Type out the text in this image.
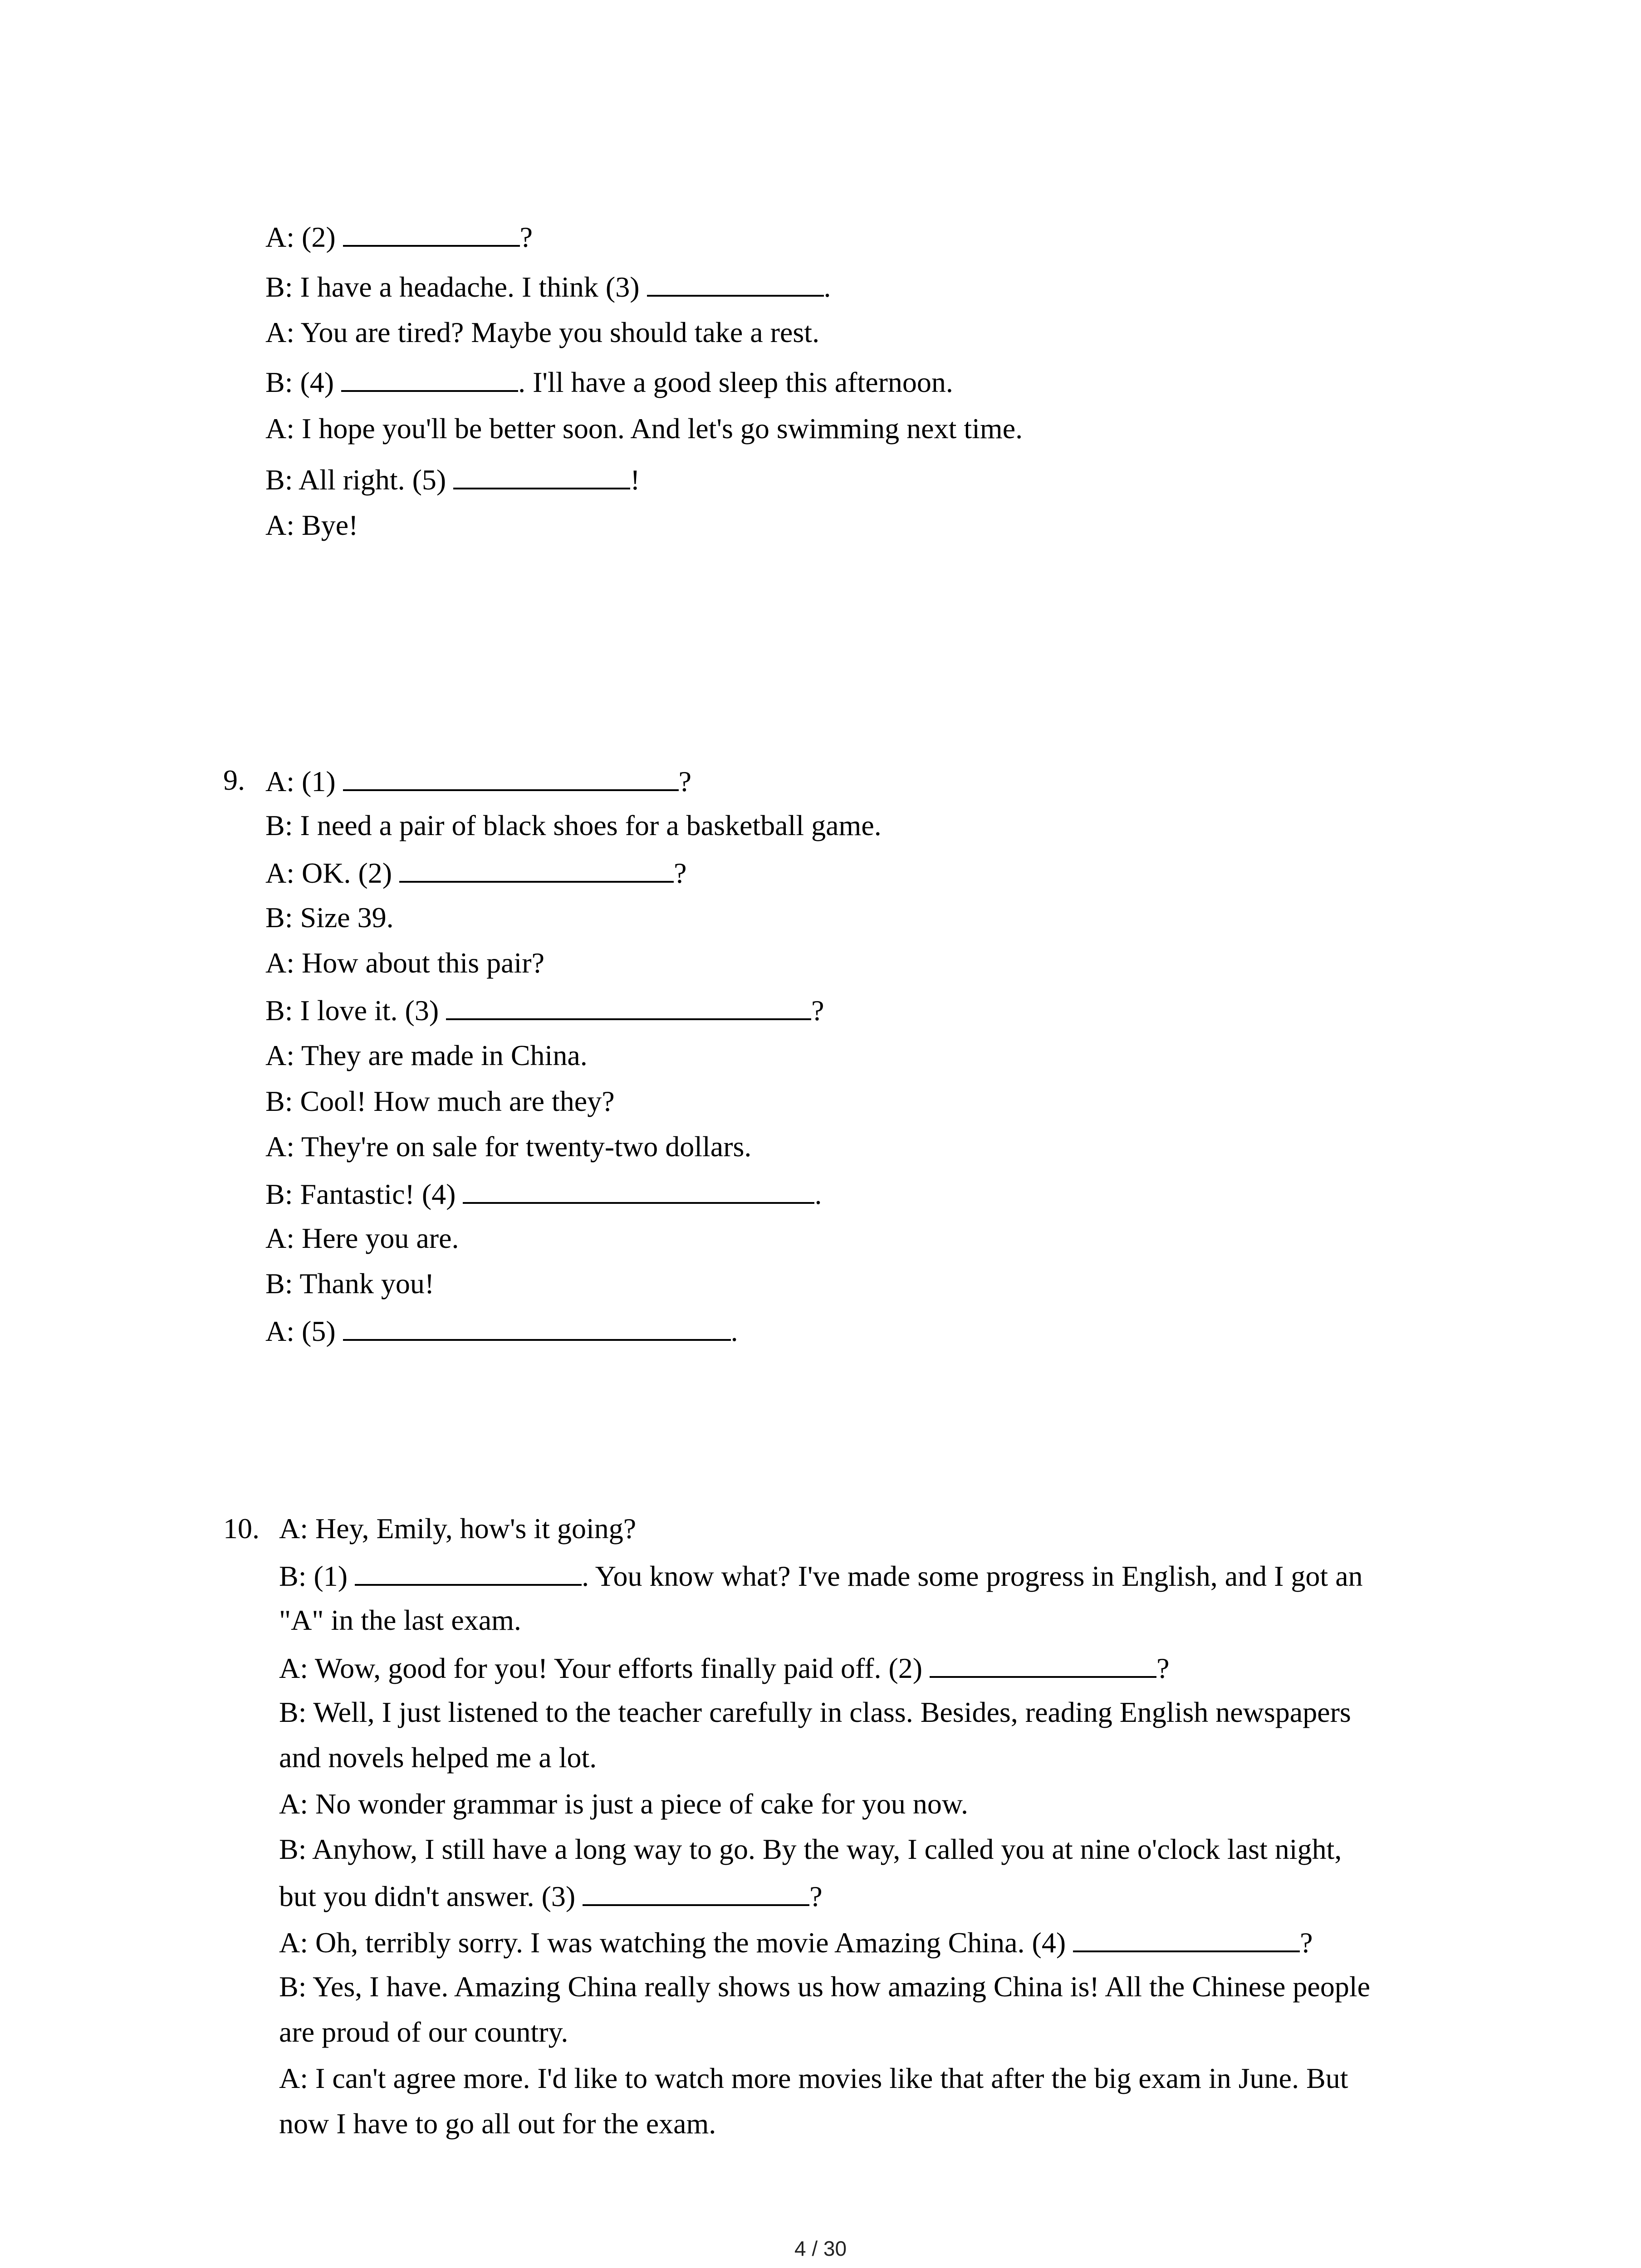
A: (2)	?
B: I have a headache. I think (3)	.
A: You are tired? Maybe you should take a rest.
B: (4)	. I'll have a good sleep this afternoon.
A: I hope you'll be better soon. And let's go swimming next time.
B: All right. (5)	!
A: Bye!
9. A: (1)	?
B: I need a pair of black shoes for a basketball game.
A: OK. (2)	?
B: Size 39.
A: How about this pair?
B: I love it. (3)	?
A: They are made in China.
B: Cool! How much are they?
A: They're on sale for twenty-two dollars.
B: Fantastic! (4)	.
A: Here you are.
B: Thank you!
A: (5)	.
10. A: Hey, Emily, how's it going?
B: (1)	. You know what? I've made some progress in English, and I got an
"A" in the last exam.
A: Wow, good for you! Your efforts finally paid off. (2)	?
B: Well, I just listened to the teacher carefully in class. Besides, reading English newspapers
and novels helped me a lot.
A: No wonder grammar is just a piece of cake for you now.
B: Anyhow, I still have a long way to go. By the way, I called you at nine o'clock last night,
but you didn't answer. (3)	?
A: Oh, terribly sorry. I was watching the movie Amazing China. (4)	?
B: Yes, I have. Amazing China really shows us how amazing China is! All the Chinese people
are proud of our country.
A: I can't agree more. I'd like to watch more movies like that after the big exam in June. But
now I have to go all out for the exam.
4 / 30
